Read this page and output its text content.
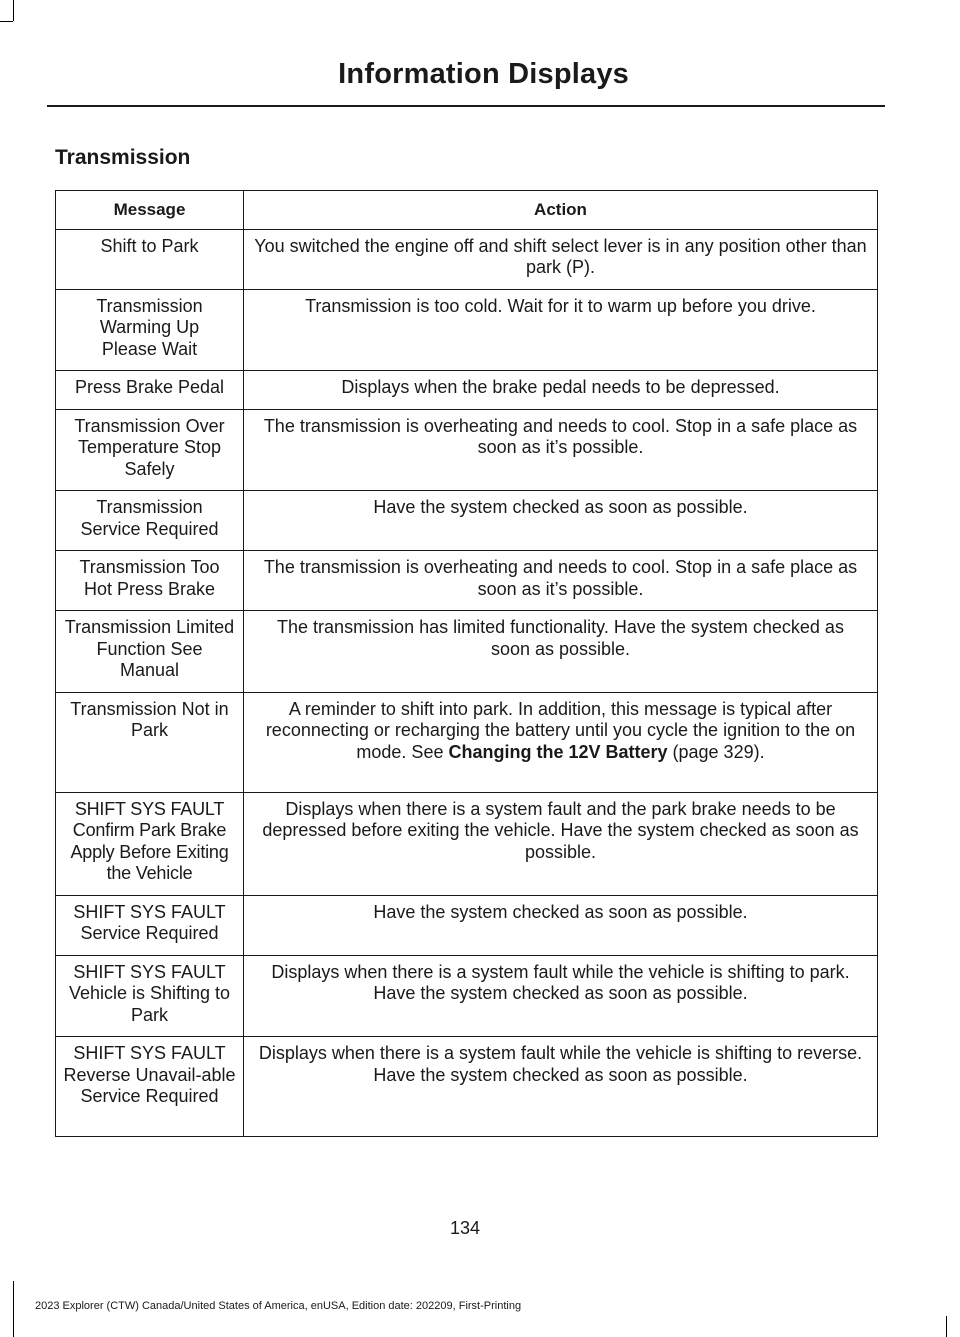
Information Displays
Transmission
Message	Action
Shift to Park	You switched the engine off and shift select lever is in any position other than park (P).

Transmission Warming Up Please Wait	Transmission is too cold. Wait for it to warm up before you drive.
Press Brake Pedal	Displays when the brake pedal needs to be depressed.
Transmission Over Temperature Stop Safely	The transmission is overheating and needs to cool. Stop in a safe place as soon as it’s possible.

Transmission Service Required	Have the system checked as soon as possible.

Transmission Too Hot Press Brake	The transmission is overheating and needs to cool. Stop in a safe place as soon as it’s possible.

Transmission Limited Function See Manual	The transmission has limited functionality. Have the system checked as soon as possible.

Transmission Not in Park	A reminder to shift into park. In addition, this message is typical after reconnecting or recharging the battery until you cycle the ignition to the on mode. See Changing the 12V Battery (page 329).
SHIFT SYS FAULT Confirm Park Brake Apply Before Exiting the Vehicle	Displays when there is a system fault and the park brake needs to be depressed before exiting the vehicle. Have the system checked as soon as possible.
SHIFT SYS FAULT Service Required	Have the system checked as soon as possible.
SHIFT SYS FAULT Vehicle is Shifting to Park	Displays when there is a system fault while the vehicle is shifting to park. Have the system checked as soon as possible.

SHIFT SYS FAULT Reverse Unavail-able Service Required	Displays when there is a system fault while the vehicle is shifting to reverse. Have the system checked as soon as possible.
134
2023 Explorer (CTW) Canada/United States of America, enUSA, Edition date: 202209, First-Printing
